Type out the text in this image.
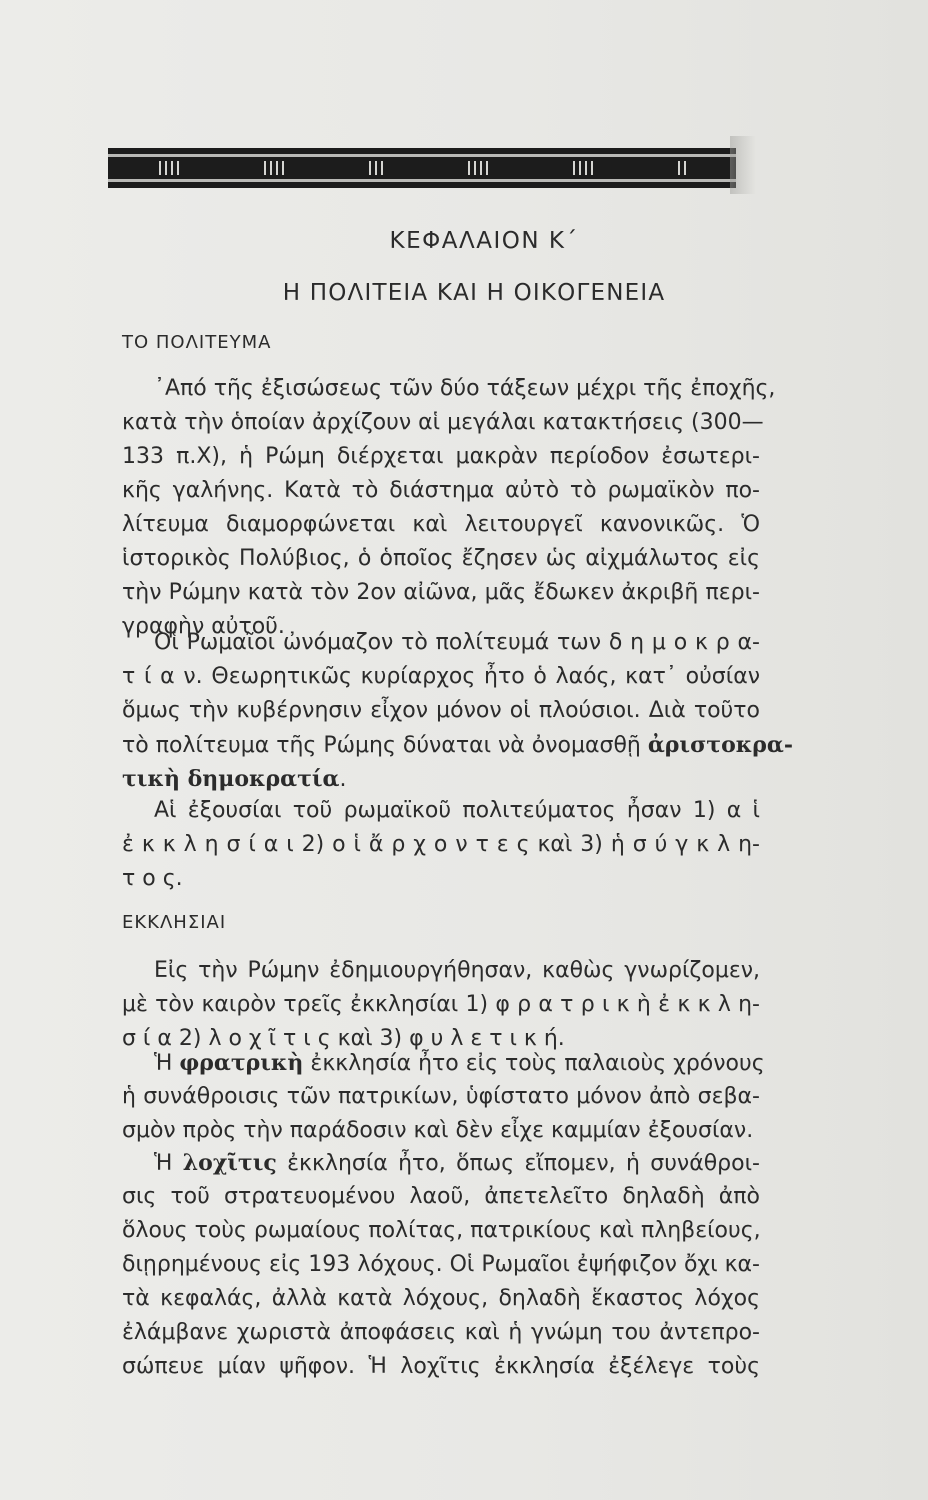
ΚΕΦΑΛΑΙΟΝ Κ΄
Η ΠΟΛΙΤΕΙΑ ΚΑΙ Η ΟΙΚΟΓΕΝΕΙΑ
ΤΟ ΠΟΛΙΤΕΥΜΑ
᾿Από τῆς ἐξισώσεως τῶν δύο τάξεων μέχρι τῆς ἐποχῆς,
κατὰ τὴν ὁποίαν ἀρχίζουν αἱ μεγάλαι κατακτήσεις (300—
133 π.Χ), ἡ Ρώμη διέρχεται μακρὰν περίοδον ἐσωτερι-
κῆς γαλήνης. Κατὰ τὸ διάστημα αὐτὸ τὸ ρωμαϊκὸν πο-
λίτευμα διαμορφώνεται καὶ λειτουργεῖ κανονικῶς. Ὁ
ἱστορικὸς Πολύβιος, ὁ ὁποῖος ἔζησεν ὡς αἰχμάλωτος εἰς
τὴν Ρώμην κατὰ τὸν 2ον αἰῶνα, μᾶς ἔδωκεν ἀκριβῆ περι-
γραφὴν αὐτοῦ.
Οἱ Ρωμαῖοι ὠνόμαζον τὸ πολίτευμά των δ η μ ο κ ρ α-
τ ί α ν. Θεωρητικῶς κυρίαρχος ἦτο ὁ λαός, κατ᾿ οὐσίαν
ὅμως τὴν κυβέρνησιν εἶχον μόνον οἱ πλούσιοι. Διὰ τοῦτο
τὸ πολίτευμα τῆς Ρώμης δύναται νὰ ὀνομασθῇ ἀριστοκρα-
τικὴ δημοκρατία.
Αἱ ἐξουσίαι τοῦ ρωμαϊκοῦ πολιτεύματος ἦσαν 1) α ἱ
ἐ κ κ λ η σ ί α ι 2) ο ἱ ἄ ρ χ ο ν τ ε ς καὶ 3) ἡ σ ύ γ κ λ η-
τ ο ς.
ΕΚΚΛΗΣΙΑΙ
Εἰς τὴν Ρώμην ἐδημιουργήθησαν, καθὼς γνωρίζομεν,
μὲ τὸν καιρὸν τρεῖς ἐκκλησίαι 1) φ ρ α τ ρ ι κ ὴ ἐ κ κ λ η-
σ ί α 2) λ ο χ ῖ τ ι ς καὶ 3) φ υ λ ε τ ι κ ή.
Ἡ φρατρικὴ ἐκκλησία ἦτο εἰς τοὺς παλαιοὺς χρόνους
ἡ συνάθροισις τῶν πατρικίων, ὑφίστατο μόνον ἀπὸ σεβα-
σμὸν πρὸς τὴν παράδοσιν καὶ δὲν εἶχε καμμίαν ἐξουσίαν.
Ἡ λοχῖτις ἐκκλησία ἦτο, ὅπως εἴπομεν, ἡ συνάθροι-
σις τοῦ στρατευομένου λαοῦ, ἀπετελεῖτο δηλαδὴ ἀπὸ
ὅλους τοὺς ρωμαίους πολίτας, πατρικίους καὶ πληβείους,
διῃρημένους εἰς 193 λόχους. Οἱ Ρωμαῖοι ἐψήφιζον ὄχι κα-
τὰ κεφαλάς, ἀλλὰ κατὰ λόχους, δηλαδὴ ἕκαστος λόχος
ἐλάμβανε χωριστὰ ἀποφάσεις καὶ ἡ γνώμη του ἀντεπρο-
σώπευε μίαν ψῆφον. Ἡ λοχῖτις ἐκκλησία ἐξέλεγε τοὺς
